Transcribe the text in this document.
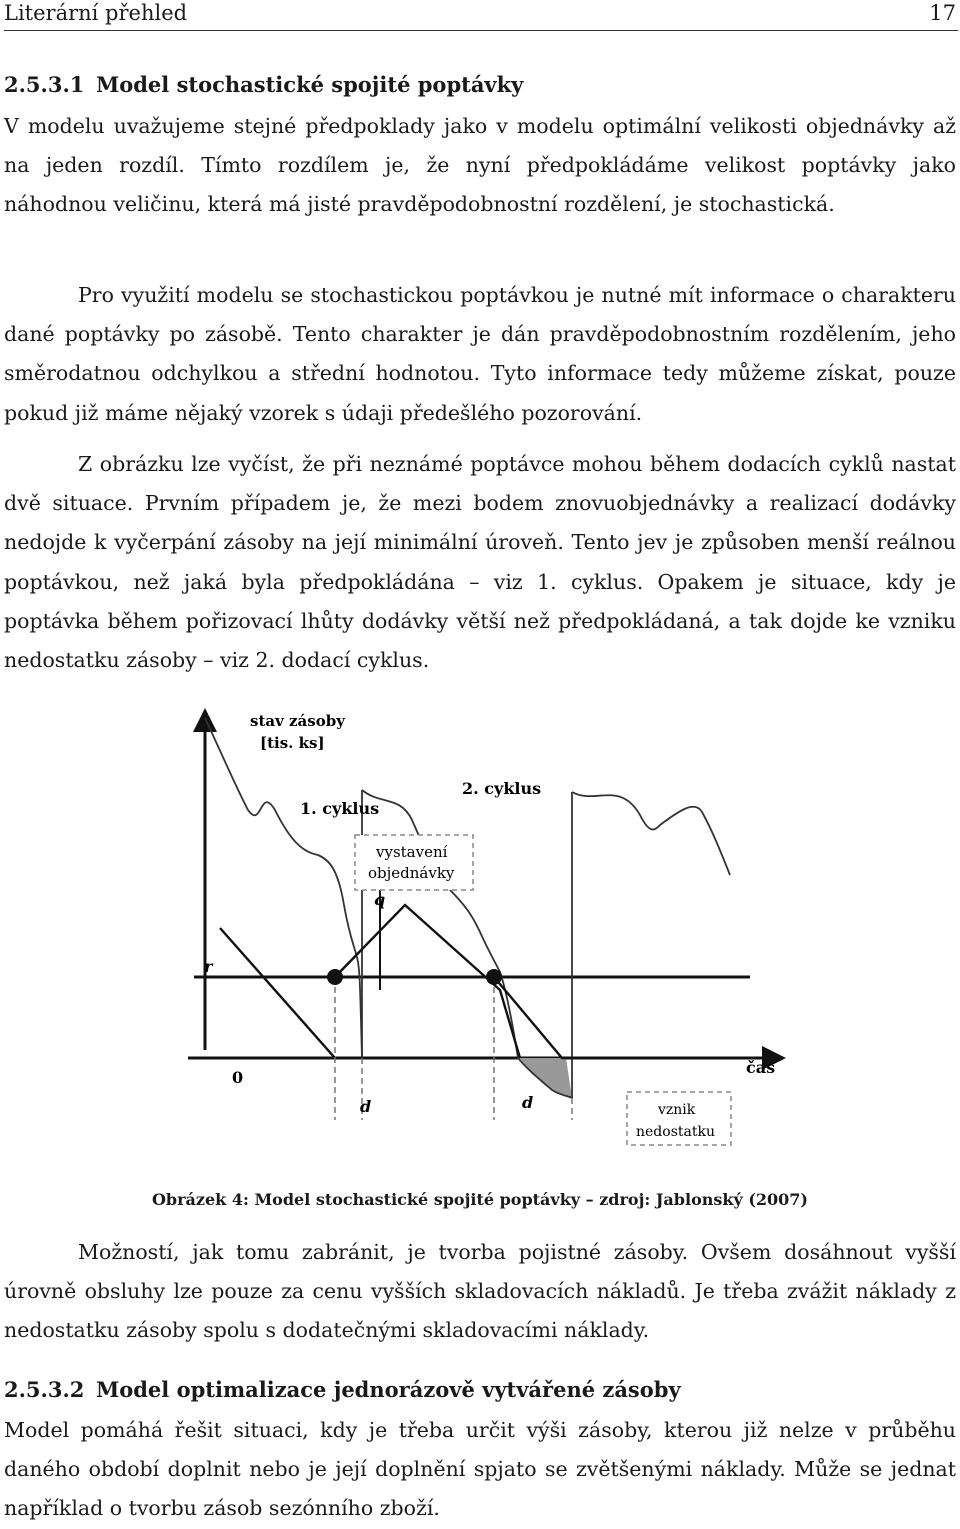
Literární přehled	17
2.5.3.1 Model stochastické spojité poptávky

V modelu uvažujeme stejné předpoklady jako v modelu optimální velikosti objednávky až na jeden rozdíl. Tímto rozdílem je, že nyní předpokládáme velikost poptávky jako náhodnou veličinu, která má jisté pravděpodobnostní rozdělení, je stochastická.

Pro využití modelu se stochastickou poptávkou je nutné mít informace o charakteru dané poptávky po zásobě. Tento charakter je dán pravděpodobnostním rozdělením, jeho směrodatnou odchylkou a střední hodnotou. Tyto informace tedy můžeme získat, pouze pokud již máme nějaký vzorek s údaji předešlého pozorování.

Z obrázku lze vyčíst, že při neznámé poptávce mohou během dodacích cyklů nastat dvě situace. Prvním případem je, že mezi bodem znovuobjednávky a realizací dodávky nedojde k vyčerpání zásoby na její minimální úroveň. Tento jev je způsoben menší reálnou poptávkou, než jaká byla předpokládána – viz 1. cyklus. Opakem je situace, kdy je poptávka během pořizovací lhůty dodávky větší než předpokládaná, a tak dojde ke vzniku nedostatku zásoby – viz 2. dodací cyklus.

stav zásoby
[tis. ks]
1. cyklus
2. cyklus
vystavení
objednávky
q
r
0
čas
d	d	vznik
nedostatku
Obrázek 4: Model stochastické spojité poptávky – zdroj: Jablonský (2007)

Možností, jak tomu zabránit, je tvorba pojistné zásoby. Ovšem dosáhnout vyšší úrovně obsluhy lze pouze za cenu vyšších skladovacích nákladů. Je třeba zvážit náklady z nedostatku zásoby spolu s dodatečnými skladovacími náklady.

2.5.3.2 Model optimalizace jednorázově vytvářené zásoby

Model pomáhá řešit situaci, kdy je třeba určit výši zásoby, kterou již nelze v průběhu daného období doplnit nebo je její doplnění spjato se zvětšenými náklady. Může se jednat například o tvorbu zásob sezónního zboží.
